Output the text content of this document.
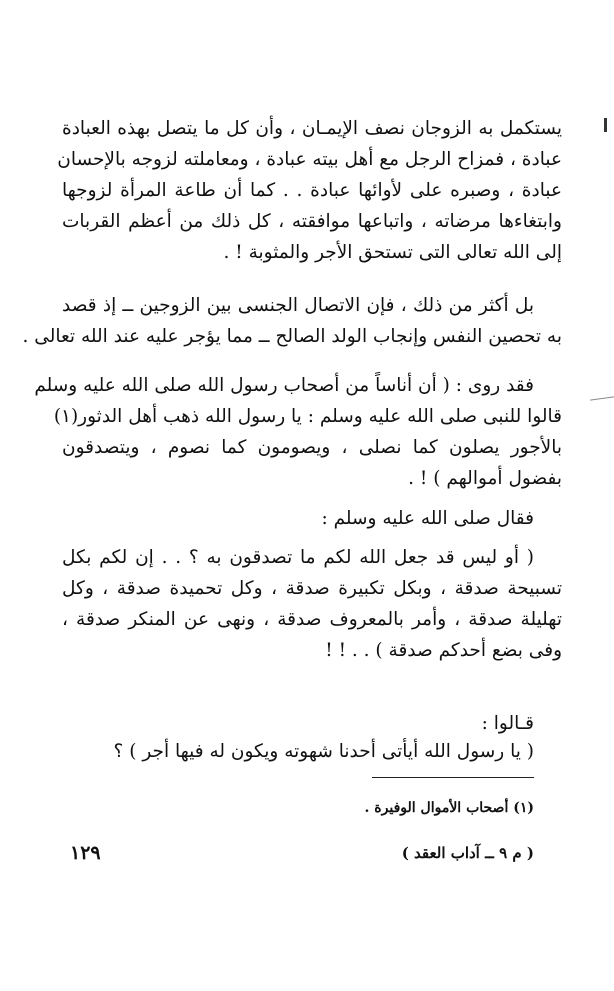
يستكمل به الزوجان نصف الإيمـان ، وأن كل ما يتصل بهذه العبادة
عبادة ، فمزاح الرجل مع أهل بيته عبادة ، ومعاملته لزوجه بالإحسان
عبادة ، وصبره على لأوائها عبادة . . كما أن طاعة المرأة لزوجها
وابتغاءها مرضاته ، واتباعها موافقته ، كل ذلك من أعظم القربات
إلى الله تعالى التى تستحق الأجر والمثوبة ! .
بل أكثر من ذلك ، فإن الاتصال الجنسى بين الزوجين ــ إذ قصد
به تحصين النفس وإنجاب الولد الصالح ــ مما يؤجر عليه عند الله تعالى .
فقد روى : ( أن أناساً من أصحاب رسول الله صلى الله عليه وسلم
قالوا للنبى صلى الله عليه وسلم : يا رسول الله ذهب أهل الدثور(١)
بالأجور يصلون كما نصلى ، ويصومون كما نصوم ، ويتصدقون
بفضول أموالهم ) ! .
فقال صلى الله عليه وسلم :
( أو ليس قد جعل الله لكم ما تصدقون به ؟ . . إن لكم بكل
تسبيحة صدقة ، وبكل تكبيرة صدقة ، وكل تحميدة صدقة ، وكل
تهليلة صدقة ، وأمر بالمعروف صدقة ، ونهى عن المنكر صدقة ،
وفى بضع أحدكم صدقة ) . . ! !
قـالوا :
( يا رسول الله أيأتى أحدنا شهوته ويكون له فيها أجر ) ؟
(١) أصحاب الأموال الوفيرة .
١٢٩	( م ٩ ــ آداب العقد )
